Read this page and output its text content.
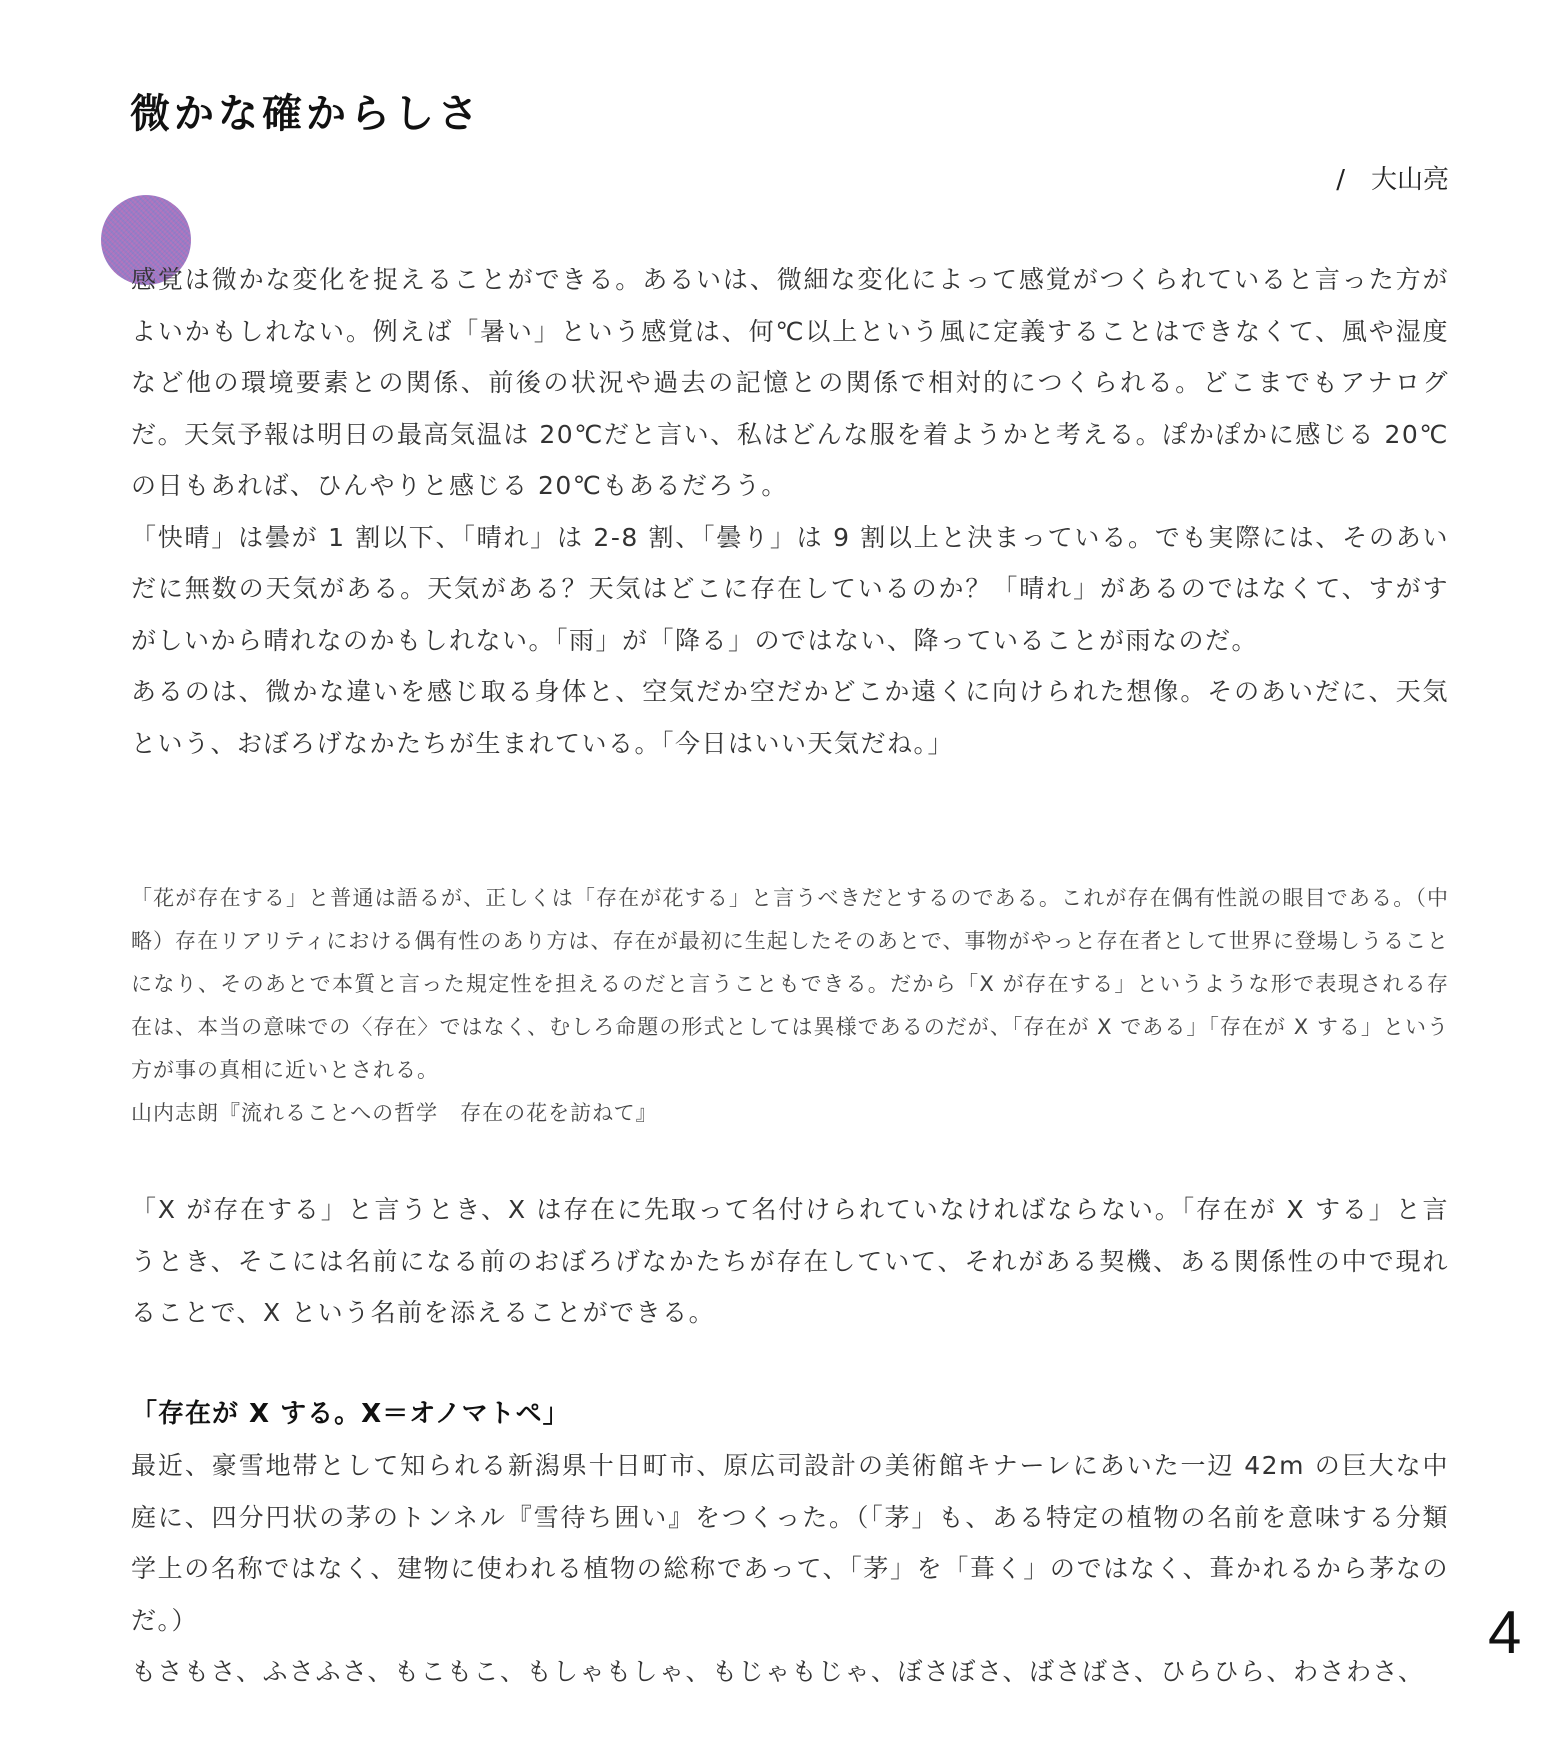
微かな確からしさ
/　大山亮

感覚は微かな変化を捉えることができる。あるいは、微細な変化によって感覚がつくられていると言った方がよいかもしれない。例えば「暑い」という感覚は、何℃以上という風に定義することはできなくて、風や湿度など他の環境要素との関係、前後の状況や過去の記憶との関係で相対的につくられる。どこまでもアナログだ。天気予報は明日の最高気温は 20℃だと言い、私はどんな服を着ようかと考える。ぽかぽかに感じる 20℃の日もあれば、ひんやりと感じる 20℃もあるだろう。

「快晴」は曇が 1 割以下、「晴れ」は 2-8 割、「曇り」は 9 割以上と決まっている。でも実際には、そのあいだに無数の天気がある。天気がある？天気はどこに存在しているのか？「晴れ」があるのではなくて、すがすがしいから晴れなのかもしれない。「雨」が「降る」のではない、降っていることが雨なのだ。

あるのは、微かな違いを感じ取る身体と、空気だか空だかどこか遠くに向けられた想像。そのあいだに、天気という、おぼろげなかたちが生まれている。「今日はいい天気だね。」

「花が存在する」と普通は語るが、正しくは「存在が花する」と言うべきだとするのである。これが存在偶有性説の眼目である。（中略）存在リアリティにおける偶有性のあり方は、存在が最初に生起したそのあとで、事物がやっと存在者として世界に登場しうることになり、そのあとで本質と言った規定性を担えるのだと言うこともできる。だから「X が存在する」というような形で表現される存在は、本当の意味での〈存在〉ではなく、むしろ命題の形式としては異様であるのだが、「存在が X である」「存在が X する」という方が事の真相に近いとされる。

山内志朗『流れることへの哲学　存在の花を訪ねて』

「X が存在する」と言うとき、X は存在に先取って名付けられていなければならない。「存在が X する」と言うとき、そこには名前になる前のおぼろげなかたちが存在していて、それがある契機、ある関係性の中で現れることで、X という名前を添えることができる。

「存在が X する。X＝オノマトペ」

最近、豪雪地帯として知られる新潟県十日町市、原広司設計の美術館キナーレにあいた一辺 42m の巨大な中庭に、四分円状の茅のトンネル『雪待ち囲い』をつくった。（「茅」も、ある特定の植物の名前を意味する分類学上の名称ではなく、建物に使われる植物の総称であって、「茅」を「葺く」のではなく、葺かれるから茅なのだ。）

もさもさ、ふさふさ、もこもこ、もしゃもしゃ、もじゃもじゃ、ぼさぼさ、ばさばさ、ひらひら、わさわさ、

4
